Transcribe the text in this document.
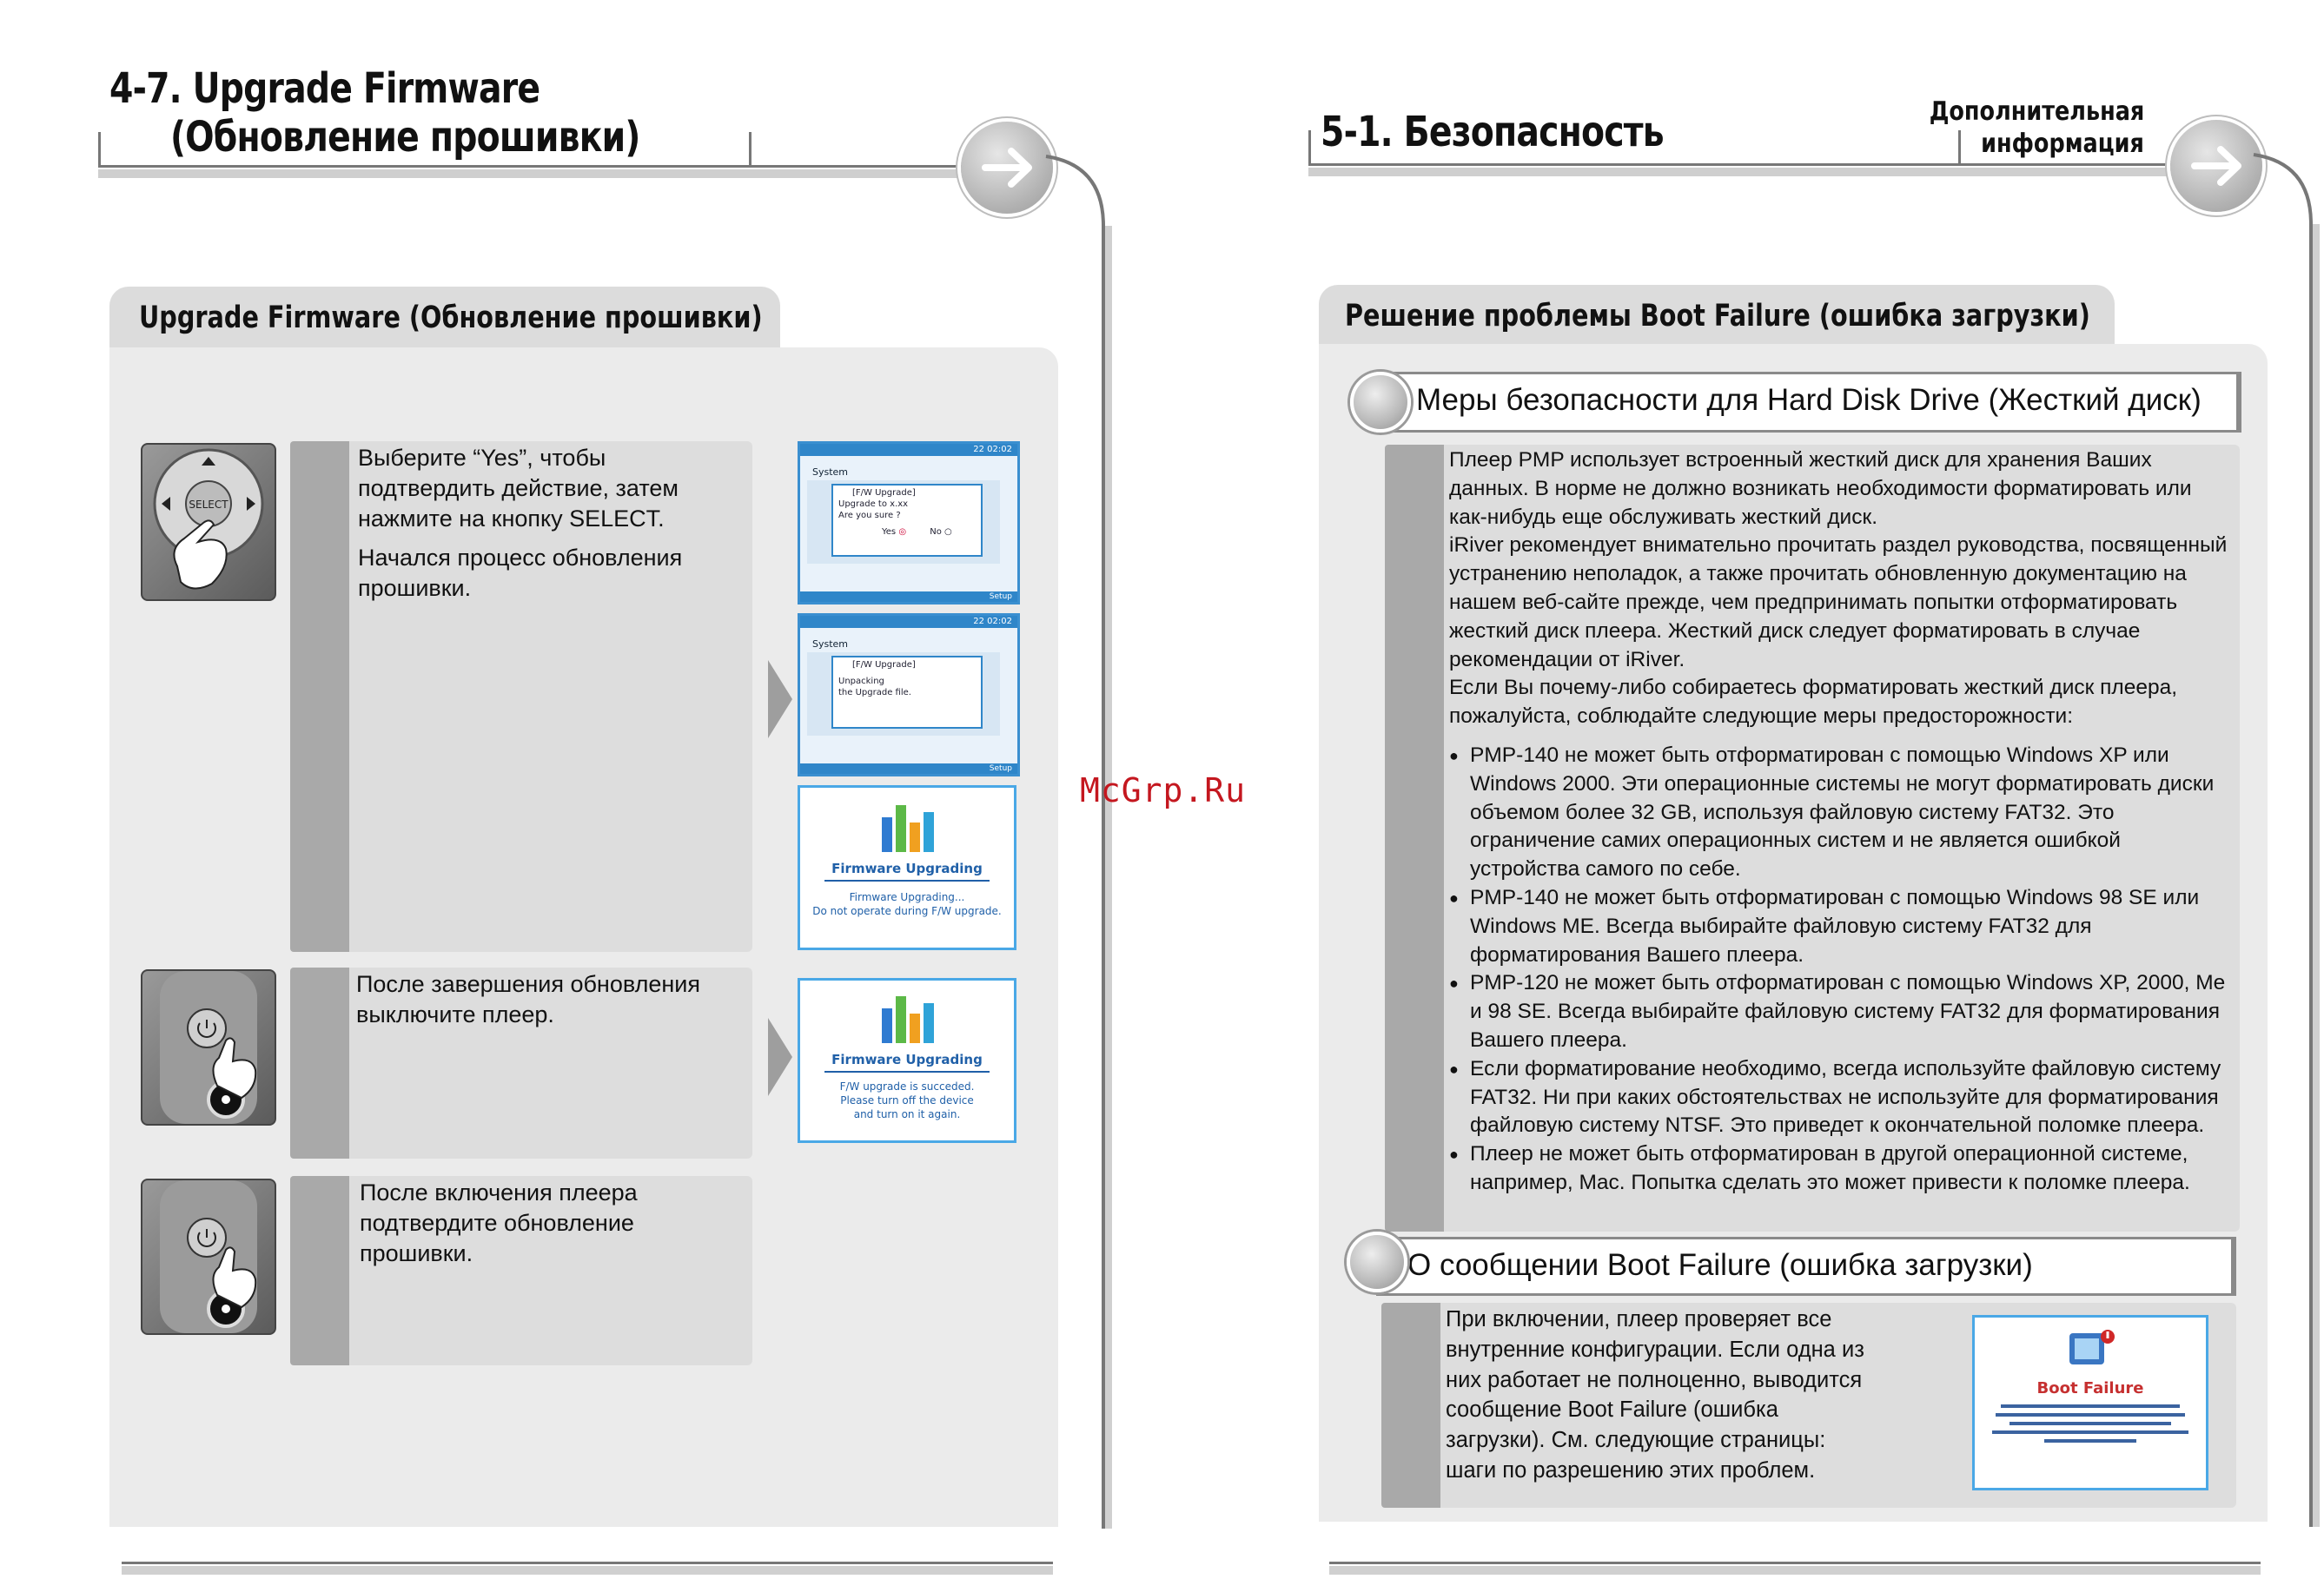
4-7. Upgrade Firmware
(Обновление прошивки)
Upgrade Firmware (Обновление прошивки)
SELECT
Выберите “Yes”, чтобы подтвердить действие, затем нажмите на кнопку SELECT.
Начался процесс обновления прошивки.
22 02:02
System
[F/W Upgrade]
Upgrade to x.xx
Are you sure ?
Yes ◎	No ○
Setup
22 02:02
System
[F/W Upgrade]
Unpacking
the Upgrade file.
Setup
Firmware Upgrading
Firmware Upgrading...
Do not operate during F/W upgrade.
После завершения обновления выключите плеер.
Firmware Upgrading
F/W upgrade is succeded.
Please turn off the device
and turn on it again.
После включения плеера подтвердите обновление прошивки.
McGrp.Ru
5-1. Безопасность	Дополнительная
информация
Решение проблемы Boot Failure (ошибка загрузки)
Меры безопасности для Hard Disk Drive (Жесткий диск)

Плеер PMP использует встроенный жесткий диск для хранения Ваших данных. В норме не должно возникать необходимости форматировать или как-нибудь еще обслуживать жесткий диск.

iRiver рекомендует внимательно прочитать раздел руководства, посвященный устранению неполадок, а также прочитать обновленную документацию на нашем веб-сайте прежде, чем предпринимать попытки отформатировать жесткий диск плеера. Жесткий диск следует форматировать в случае рекомендации от iRiver.

Если Вы почему-либо собираетесь форматировать жесткий диск плеера, пожалуйста, соблюдайте следующие меры предосторожности:

● PMP-140 не может быть отформатирован с помощью Windows XP или Windows 2000. Эти операционные системы не могут форматировать диски объемом более 32 GB, используя файловую систему FAT32. Это ограничение самих операционных систем и не является ошибкой устройства самого по себе.
● PMP-140 не может быть отформатирован с помощью Windows 98 SE или Windows ME. Всегда выбирайте файловую систему FAT32 для форматирования Вашего плеера.
● PMP-120 не может быть отформатирован с помощью Windows XP, 2000, Me и 98 SE. Всегда выбирайте файловую систему FAT32 для форматирования Вашего плеера.
● Если форматирование необходимо, всегда используйте файловую систему FAT32. Ни при каких обстоятельствах не используйте для форматирования файловую систему NTSF. Это приведет к окончательной поломке плеера.
● Плеер не может быть отформатирован в другой операционной системе, например, Mac. Попытка сделать это может привести к поломке плеера.
О сообщении Boot Failure (ошибка загрузки)
При включении, плеер проверяет все внутренние конфигурации. Если одна из них работает не полноценно, выводится сообщение Boot Failure (ошибка загрузки). См. следующие страницы: шаги по разрешению этих проблем.
Boot Failure
